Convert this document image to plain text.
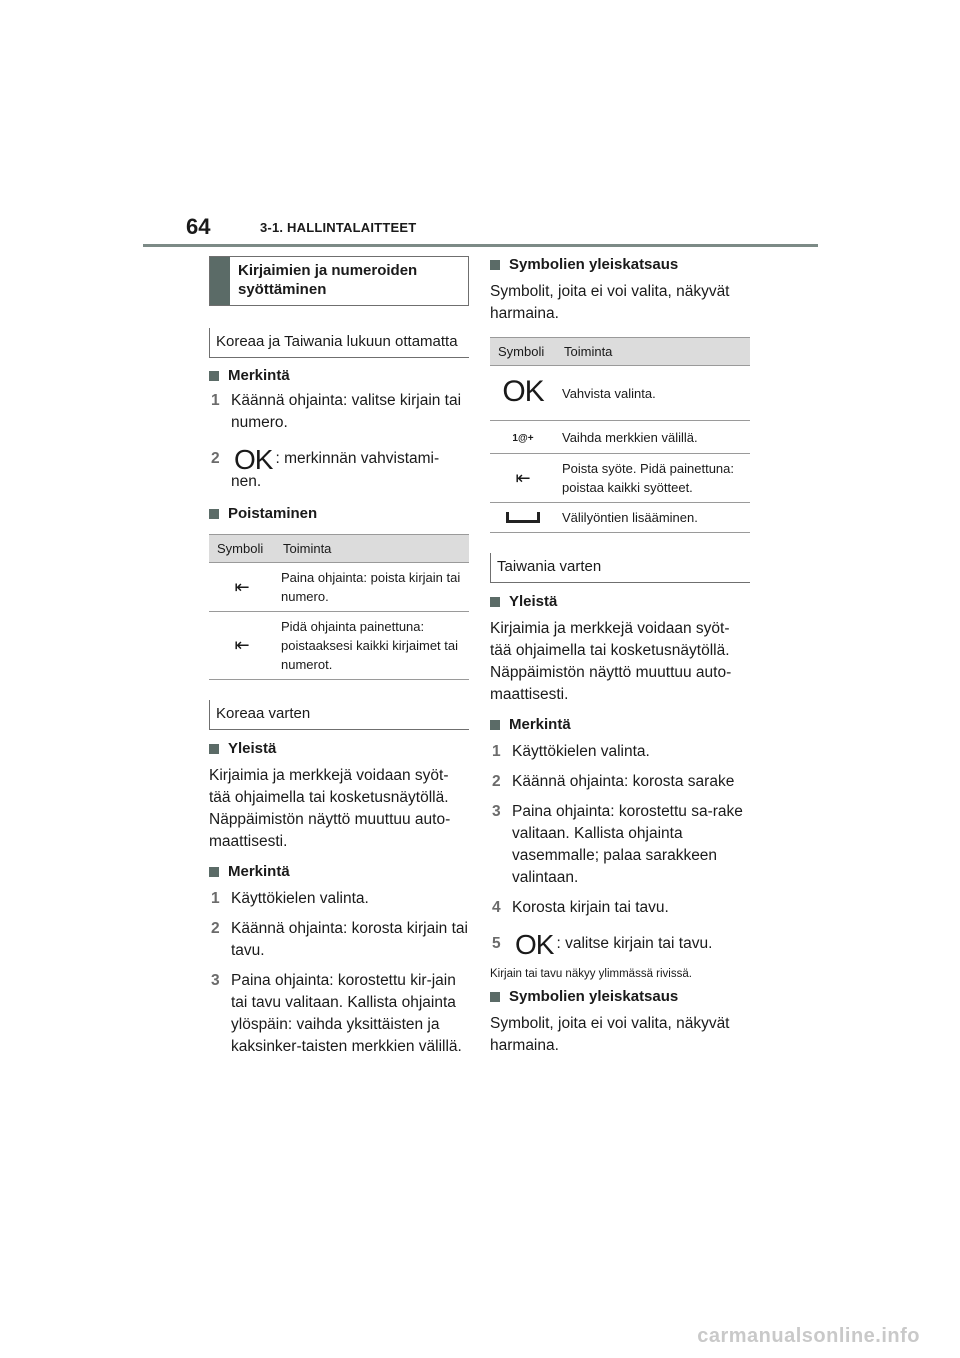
64	3-1. HALLINTALAITTEET
Kirjaimien ja numeroiden syöttäminen
Koreaa ja Taiwania lukuun ottamatta
Merkintä
1 Käännä ohjainta: valitse kirjain tai numero.
2 OK : merkinnän vahvistami-nen.
Poistaminen
Symboli	Toiminta
⇤	Paina ohjainta: poista kirjain tai numero.
⇤	Pidä ohjainta painettuna: poistaaksesi kaikki kirjaimet tai numerot.
Koreaa varten
Yleistä
Kirjaimia ja merkkejä voidaan syöt-tää ohjaimella tai kosketusnäytöllä. Näppäimistön näyttö muuttuu auto-maattisesti.
Merkintä
1 Käyttökielen valinta.
2 Käännä ohjainta: korosta kirjain tai tavu.
3 Paina ohjainta: korostettu kir-jain tai tavu valitaan. Kallista ohjainta ylöspäin: vaihda yksittäisten ja kaksinker-taisten merkkien välillä.
Symbolien yleiskatsaus
Symbolit, joita ei voi valita, näkyvät harmaina.
Symboli	Toiminta
OK	Vahvista valinta.
1@+	Vaihda merkkien välillä.
⇤	Poista syöte. Pidä painettuna: poistaa kaikki syötteet.
	Välilyöntien lisääminen.
Taiwania varten
Yleistä
Kirjaimia ja merkkejä voidaan syöt-tää ohjaimella tai kosketusnäytöllä. Näppäimistön näyttö muuttuu auto-maattisesti.
Merkintä
1 Käyttökielen valinta.
2 Käännä ohjainta: korosta sarake
3 Paina ohjainta: korostettu sa-rake valitaan. Kallista ohjainta vasemmalle; palaa sarakkeen valintaan.
4 Korosta kirjain tai tavu.
5 OK : valitse kirjain tai tavu.
Kirjain tai tavu näkyy ylimmässä rivissä.
Symbolien yleiskatsaus
Symbolit, joita ei voi valita, näkyvät harmaina.
carmanualsonline.info
